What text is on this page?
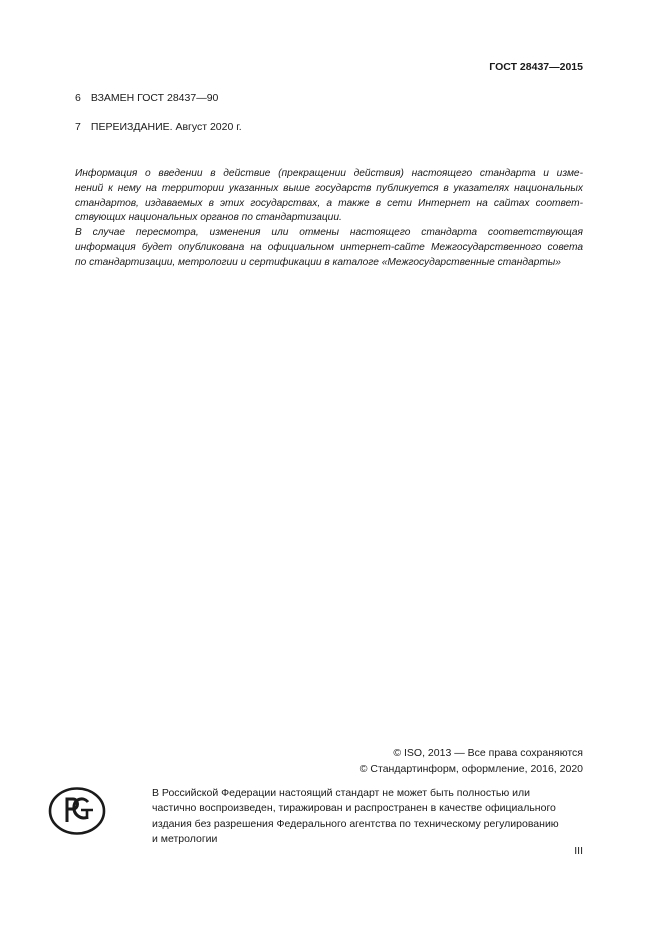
ГОСТ 28437—2015
6 ВЗАМЕН ГОСТ 28437—90
7 ПЕРЕИЗДАНИЕ. Август 2020 г.
Информация о введении в действие (прекращении действия) настоящего стандарта и изме-
нений к нему на территории указанных выше государств публикуется в указателях национальных
стандартов, издаваемых в этих государствах, а также в сети Интернет на сайтах соответ-
ствующих национальных органов по стандартизации.
В случае пересмотра, изменения или отмены настоящего стандарта соответствующая
информация будет опубликована на официальном интернет-сайте Межгосударственного совета
по стандартизации, метрологии и сертификации в каталоге «Межгосударственные стандарты»
© ISO, 2013 — Все права сохраняются
© Стандартинформ, оформление, 2016, 2020
В Российской Федерации настоящий стандарт не может быть полностью или
частично воспроизведен, тиражирован и распространен в качестве официального
издания без разрешения Федерального агентства по техническому регулированию
и метрологии
III
